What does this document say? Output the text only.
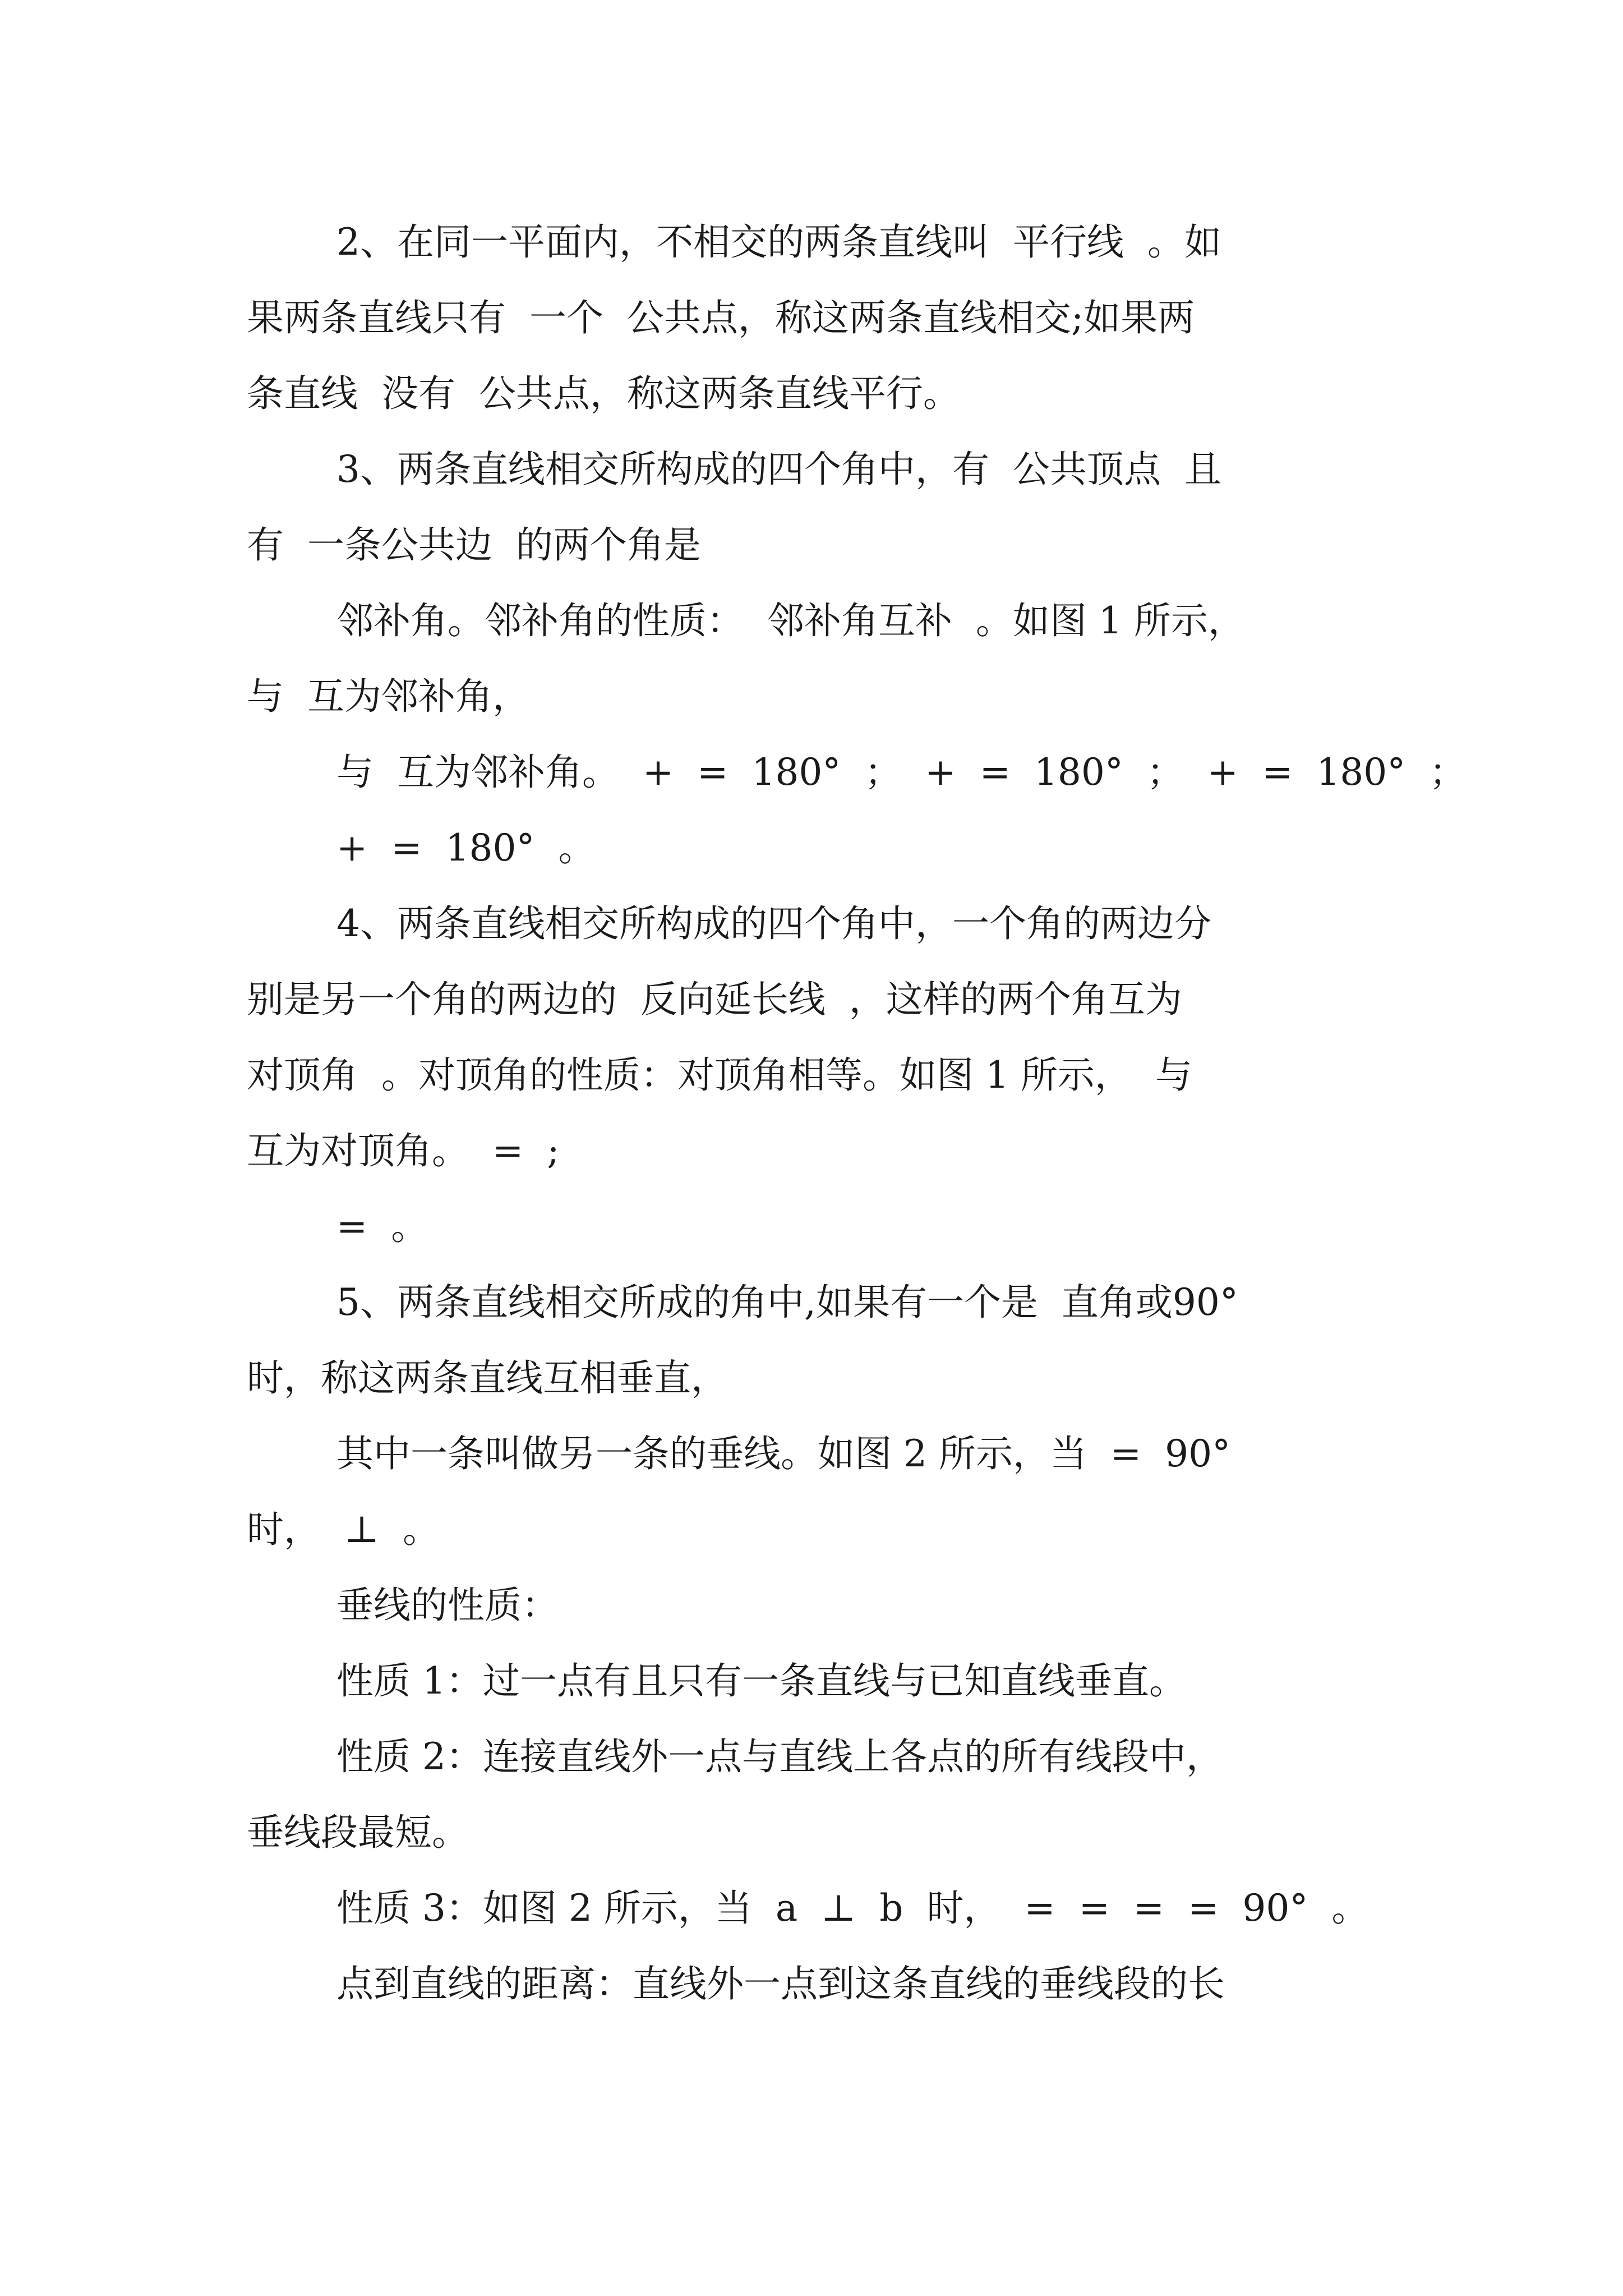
2、在同一平面内，不相交的两条直线叫  平行线  。如
果两条直线只有  一个  公共点，称这两条直线相交;如果两
条直线  没有  公共点，称这两条直线平行。
3、两条直线相交所构成的四个角中，有  公共顶点  且
有  一条公共边  的两个角是
邻补角。邻补角的性质：  邻补角互补  。如图 1 所示，
与  互为邻补角，
与  互为邻补角。  +  =  180°  ；  +  =  180°  ；  +  =  180°  ；
+  =  180°  。
4、两条直线相交所构成的四个角中，一个角的两边分
别是另一个角的两边的  反向延长线  ，这样的两个角互为
对顶角  。对顶角的性质：对顶角相等。如图 1 所示，  与
互为对顶角。  =  ;
=  。
5、两条直线相交所成的角中,如果有一个是  直角或90°
时，称这两条直线互相垂直，
其中一条叫做另一条的垂线。如图 2 所示，当  =  90°
时，  ⊥  。
垂线的性质：
性质 1：过一点有且只有一条直线与已知直线垂直。
性质 2：连接直线外一点与直线上各点的所有线段中，
垂线段最短。
性质 3：如图 2 所示，当  a  ⊥  b  时，  =  =  =  =  90°  。
点到直线的距离：直线外一点到这条直线的垂线段的长
